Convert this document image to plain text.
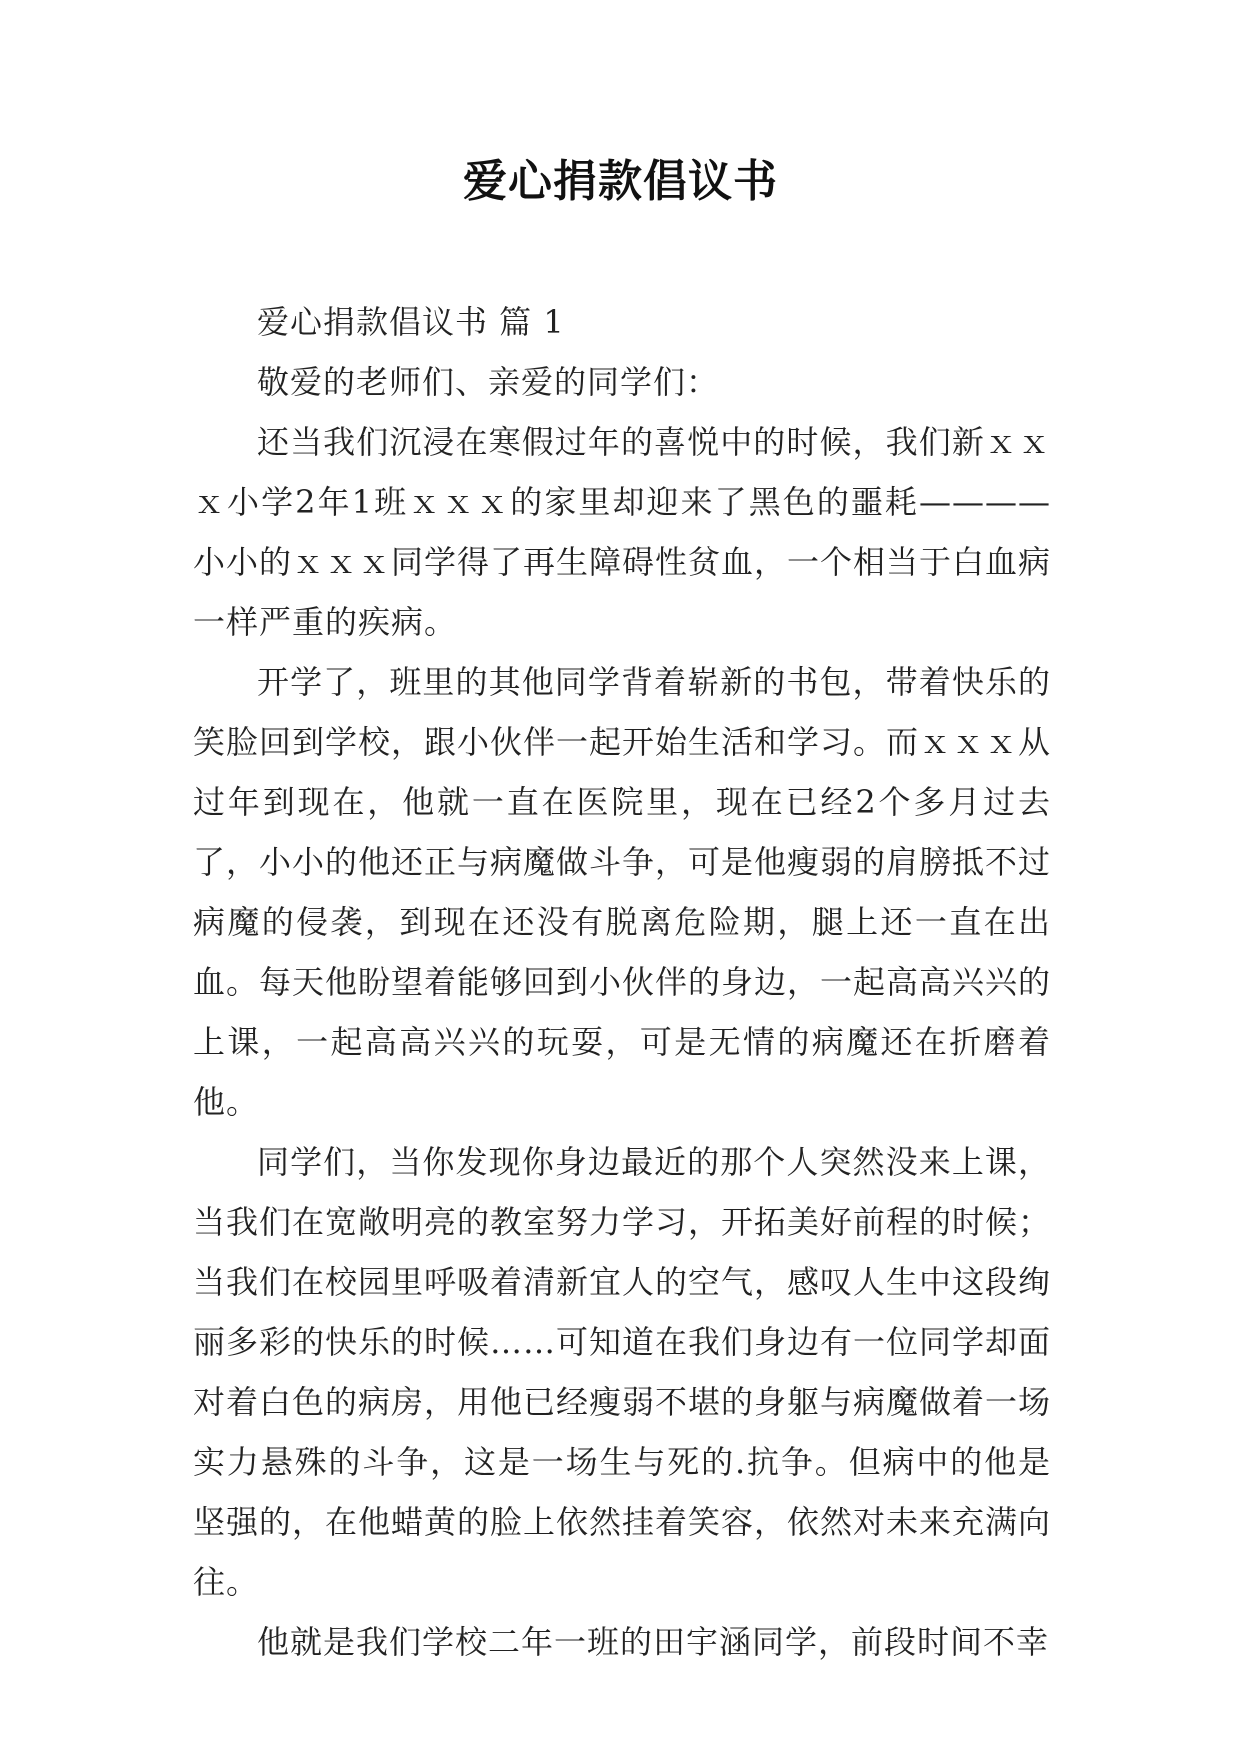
爱心捐款倡议书

爱心捐款倡议书 篇 1

敬爱的老师们、亲爱的同学们：

还当我们沉浸在寒假过年的喜悦中的时候，我们新ｘｘｘ小学2年1班ｘｘｘ的家里却迎来了黑色的噩耗————小小的ｘｘｘ同学得了再生障碍性贫血，一个相当于白血病一样严重的疾病。

开学了，班里的其他同学背着崭新的书包，带着快乐的笑脸回到学校，跟小伙伴一起开始生活和学习。而ｘｘｘ从过年到现在，他就一直在医院里，现在已经2个多月过去了，小小的他还正与病魔做斗争，可是他瘦弱的肩膀抵不过病魔的侵袭，到现在还没有脱离危险期，腿上还一直在出血。每天他盼望着能够回到小伙伴的身边，一起高高兴兴的上课，一起高高兴兴的玩耍，可是无情的病魔还在折磨着他。

同学们，当你发现你身边最近的那个人突然没来上课，当我们在宽敞明亮的教室努力学习，开拓美好前程的时候；当我们在校园里呼吸着清新宜人的空气，感叹人生中这段绚丽多彩的快乐的时候……可知道在我们身边有一位同学却面对着白色的病房，用他已经瘦弱不堪的身躯与病魔做着一场实力悬殊的斗争，这是一场生与死的.抗争。但病中的他是坚强的，在他蜡黄的脸上依然挂着笑容，依然对未来充满向往。

他就是我们学校二年一班的田宇涵同学，前段时间不幸
